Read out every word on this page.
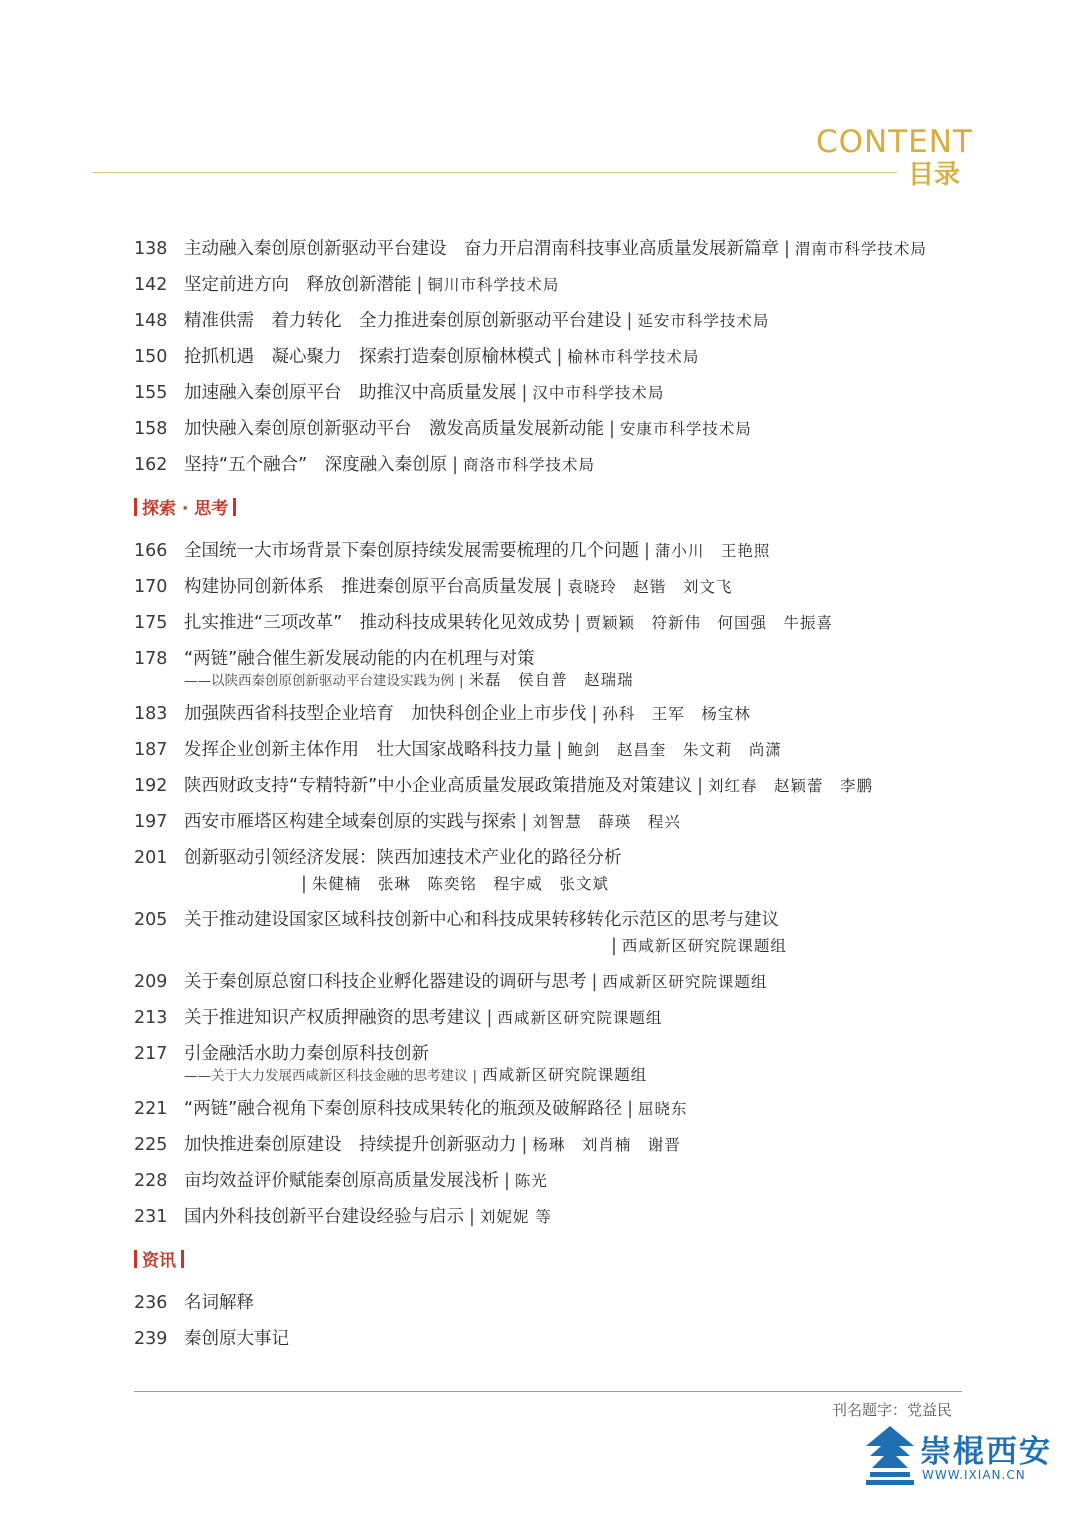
CONTENT
目录
138 主动融入秦创原创新驱动平台建设　奋力开启渭南科技事业高质量发展新篇章 | 渭南市科学技术局
142 坚定前进方向　释放创新潜能 | 铜川市科学技术局
148 精准供需　着力转化　全力推进秦创原创新驱动平台建设 | 延安市科学技术局
150 抢抓机遇　凝心聚力　探索打造秦创原榆林模式 | 榆林市科学技术局
155 加速融入秦创原平台　助推汉中高质量发展 | 汉中市科学技术局
158 加快融入秦创原创新驱动平台　激发高质量发展新动能 | 安康市科学技术局
162 坚持“五个融合”　深度融入秦创原 | 商洛市科学技术局
探索 · 思考
166 全国统一大市场背景下秦创原持续发展需要梳理的几个问题 | 蒲小川　王艳照
170 构建协同创新体系　推进秦创原平台高质量发展 | 袁晓玲　赵锴　刘文飞
175 扎实推进“三项改革”　推动科技成果转化见效成势 | 贾颖颖　符新伟　何国强　牛振喜
178 “两链”融合催生新发展动能的内在机理与对策
——以陕西秦创原创新驱动平台建设实践为例 | 米磊　侯自普　赵瑞瑞
183 加强陕西省科技型企业培育　加快科创企业上市步伐 | 孙科　王军　杨宝林
187 发挥企业创新主体作用　壮大国家战略科技力量 | 鲍剑　赵昌奎　朱文莉　尚潇
192 陕西财政支持“专精特新”中小企业高质量发展政策措施及对策建议 | 刘红春　赵颖蕾　李鹏
197 西安市雁塔区构建全域秦创原的实践与探索 | 刘智慧　薛瑛　程兴
201 创新驱动引领经济发展：陕西加速技术产业化的路径分析
| 朱健楠　张琳　陈奕铭　程宇威　张文斌
205 关于推动建设国家区域科技创新中心和科技成果转移转化示范区的思考与建议
| 西咸新区研究院课题组
209 关于秦创原总窗口科技企业孵化器建设的调研与思考 | 西咸新区研究院课题组
213 关于推进知识产权质押融资的思考建议 | 西咸新区研究院课题组
217 引金融活水助力秦创原科技创新
——关于大力发展西咸新区科技金融的思考建议 | 西咸新区研究院课题组
221 “两链”融合视角下秦创原科技成果转化的瓶颈及破解路径 | 屈晓东
225 加快推进秦创原建设　持续提升创新驱动力 | 杨琳　刘肖楠　谢晋
228 亩均效益评价赋能秦创原高质量发展浅析 | 陈光
231 国内外科技创新平台建设经验与启示 | 刘妮妮 等
资讯
236 名词解释
239 秦创原大事记
刊名题字：党益民
崇棍西安
WWW.IXIAN.CN
